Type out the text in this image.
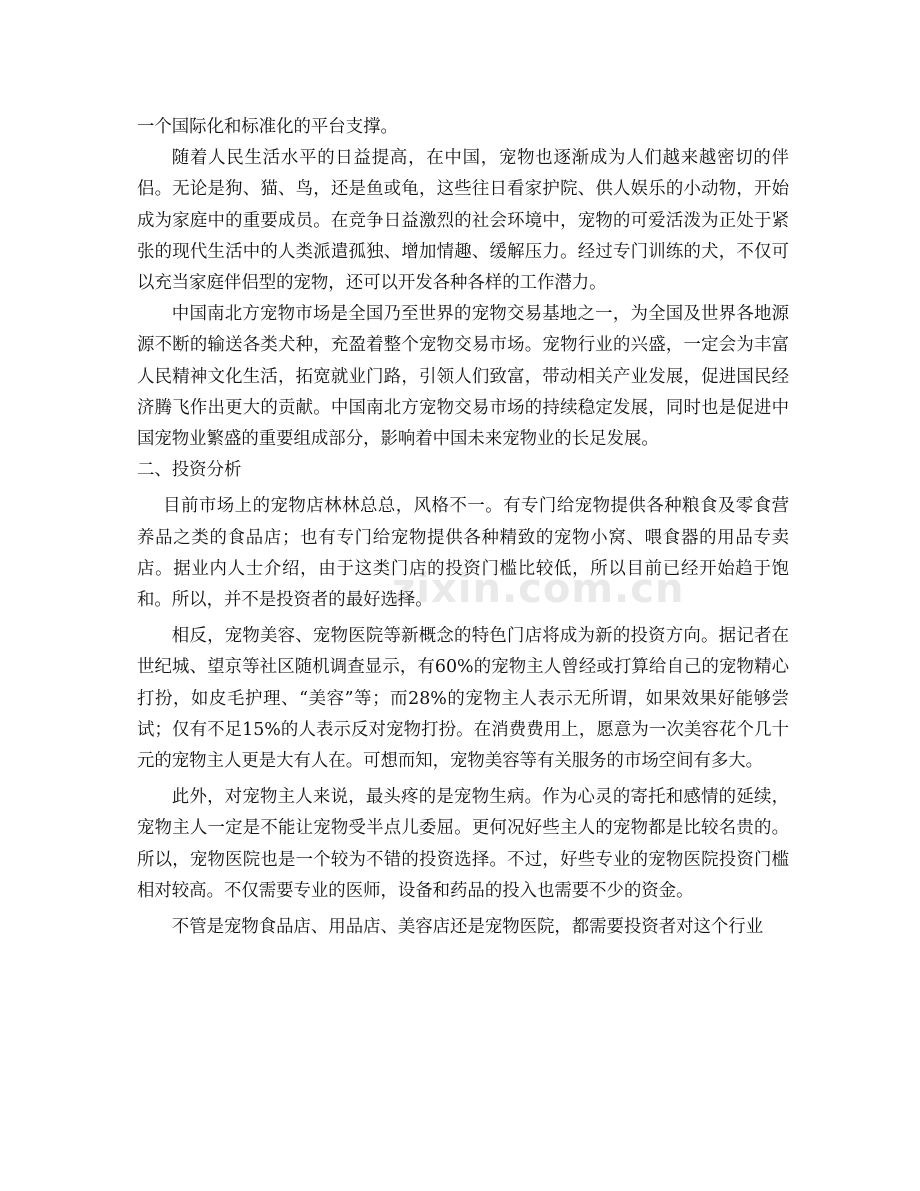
zixin.com.cn

一个国际化和标准化的平台支撑。

随着人民生活水平的日益提高，在中国，宠物也逐渐成为人们越来越密切的伴侣。无论是狗、猫、鸟，还是鱼或龟，这些往日看家护院、供人娱乐的小动物，开始成为家庭中的重要成员。在竞争日益激烈的社会环境中，宠物的可爱活泼为正处于紧张的现代生活中的人类派遣孤独、增加情趣、缓解压力。经过专门训练的犬，不仅可以充当家庭伴侣型的宠物，还可以开发各种各样的工作潜力。

中国南北方宠物市场是全国乃至世界的宠物交易基地之一，为全国及世界各地源源不断的输送各类犬种，充盈着整个宠物交易市场。宠物行业的兴盛，一定会为丰富人民精神文化生活，拓宽就业门路，引领人们致富，带动相关产业发展，促进国民经济腾飞作出更大的贡献。中国南北方宠物交易市场的持续稳定发展，同时也是促进中国宠物业繁盛的重要组成部分，影响着中国未来宠物业的长足发展。

二、投资分析

目前市场上的宠物店林林总总，风格不一。有专门给宠物提供各种粮食及零食营养品之类的食品店；也有专门给宠物提供各种精致的宠物小窝、喂食器的用品专卖店。据业内人士介绍，由于这类门店的投资门槛比较低，所以目前已经开始趋于饱和。所以，并不是投资者的最好选择。

相反，宠物美容、宠物医院等新概念的特色门店将成为新的投资方向。据记者在世纪城、望京等社区随机调查显示，有60%的宠物主人曾经或打算给自己的宠物精心打扮，如皮毛护理、“美容”等；而28%的宠物主人表示无所谓，如果效果好能够尝试；仅有不足15%的人表示反对宠物打扮。在消费费用上，愿意为一次美容花个几十元的宠物主人更是大有人在。可想而知，宠物美容等有关服务的市场空间有多大。

此外，对宠物主人来说，最头疼的是宠物生病。作为心灵的寄托和感情的延续，宠物主人一定是不能让宠物受半点儿委屈。更何况好些主人的宠物都是比较名贵的。所以，宠物医院也是一个较为不错的投资选择。不过，好些专业的宠物医院投资门槛相对较高。不仅需要专业的医师，设备和药品的投入也需要不少的资金。

不管是宠物食品店、用品店、美容店还是宠物医院，都需要投资者对这个行业
